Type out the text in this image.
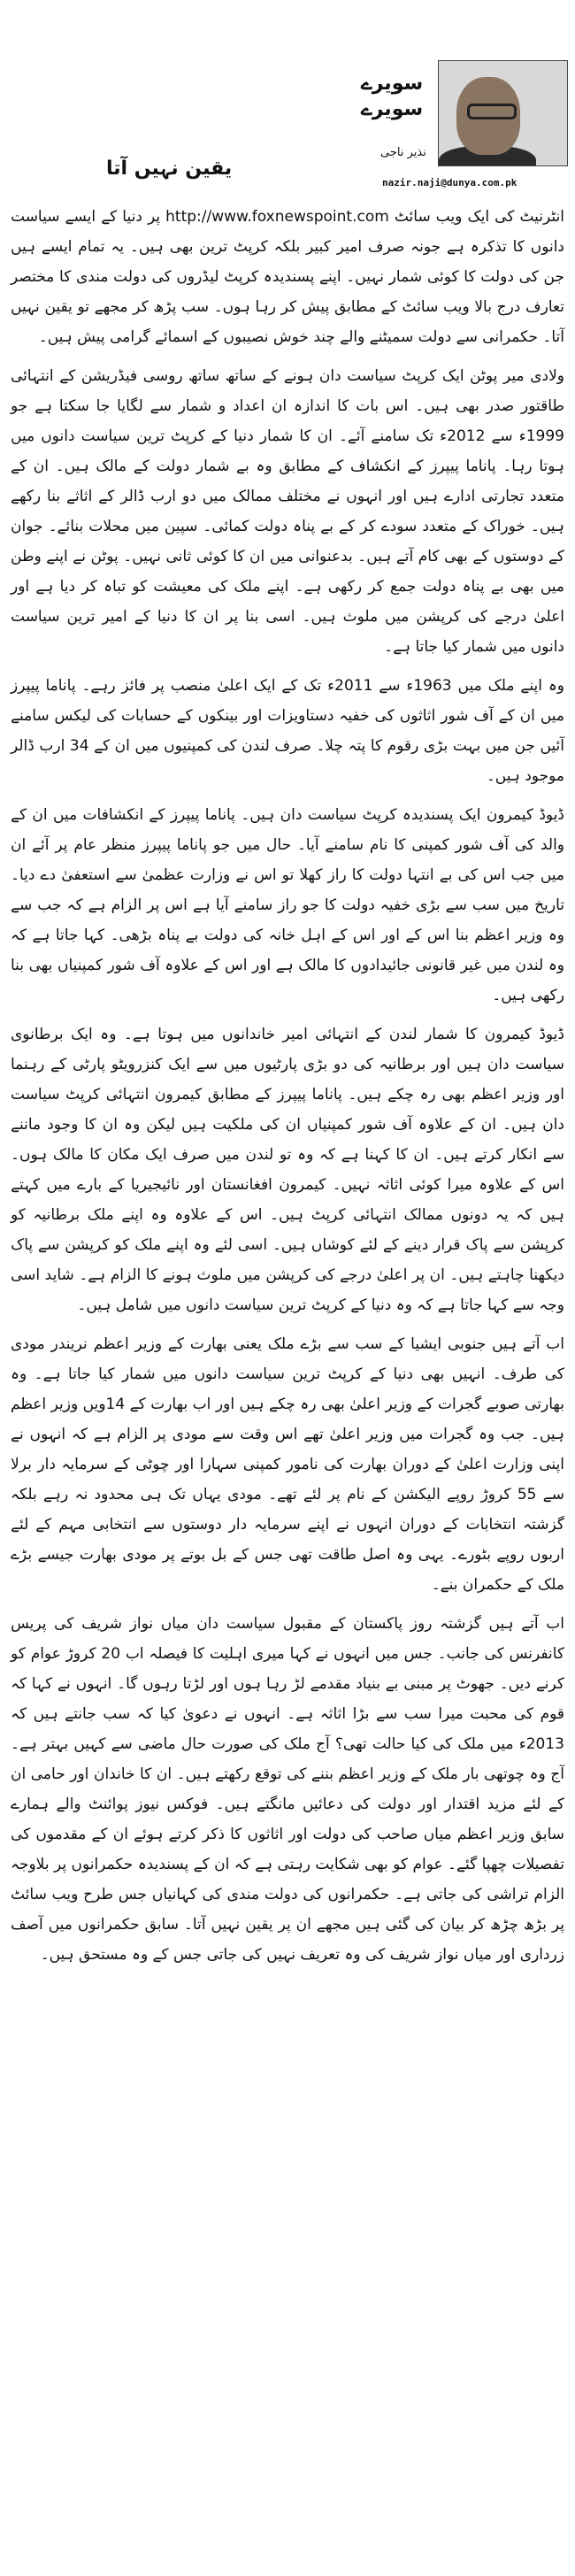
سویرے
سویرے
نذیر ناجی
nazir.naji@dunya.com.pk
یقین نہیں آتا

انٹرنیٹ کی ایک ویب سائٹ http://www.foxnewspoint.com پر دنیا کے ایسے سیاست دانوں کا تذکرہ ہے جونہ صرف امیر کبیر بلکہ کرپٹ ترین بھی ہیں۔ یہ تمام ایسے ہیں جن کی دولت کا کوئی شمار نہیں۔ اپنے پسندیدہ کرپٹ لیڈروں کی دولت مندی کا مختصر تعارف درج بالا ویب سائٹ کے مطابق پیش کر رہا ہوں۔ سب پڑھ کر مجھے تو یقین نہیں آتا۔ حکمرانی سے دولت سمیٹنے والے چند خوش نصیبوں کے اسمائے گرامی پیش ہیں۔

ولادی میر پوٹن ایک کرپٹ سیاست دان ہونے کے ساتھ ساتھ روسی فیڈریشن کے انتہائی طاقتور صدر بھی ہیں۔ اس بات کا اندازہ ان اعداد و شمار سے لگایا جا سکتا ہے جو 1999ء سے 2012ء تک سامنے آئے۔ ان کا شمار دنیا کے کرپٹ ترین سیاست دانوں میں ہوتا رہا۔ پاناما پیپرز کے انکشاف کے مطابق وہ بے شمار دولت کے مالک ہیں۔ ان کے متعدد تجارتی ادارے ہیں اور انہوں نے مختلف ممالک میں دو ارب ڈالر کے اثاثے بنا رکھے ہیں۔ خوراک کے متعدد سودے کر کے بے پناہ دولت کمائی۔ سپین میں محلات بنائے۔ جوان کے دوستوں کے بھی کام آتے ہیں۔ بدعنوانی میں ان کا کوئی ثانی نہیں۔ پوٹن نے اپنے وطن میں بھی بے پناہ دولت جمع کر رکھی ہے۔ اپنے ملک کی معیشت کو تباہ کر دیا ہے اور اعلیٰ درجے کی کرپشن میں ملوث ہیں۔ اسی بنا پر ان کا دنیا کے امیر ترین سیاست دانوں میں شمار کیا جاتا ہے۔

وہ اپنے ملک میں 1963ء سے 2011ء تک کے ایک اعلیٰ منصب پر فائز رہے۔ پاناما پیپرز میں ان کے آف شور اثاثوں کی خفیہ دستاویزات اور بینکوں کے حسابات کی لیکس سامنے آئیں جن میں بہت بڑی رقوم کا پتہ چلا۔ صرف لندن کی کمپنیوں میں ان کے 34 ارب ڈالر موجود ہیں۔

ڈیوڈ کیمرون ایک پسندیدہ کرپٹ سیاست دان ہیں۔ پاناما پیپرز کے انکشافات میں ان کے والد کی آف شور کمپنی کا نام سامنے آیا۔ حال میں جو پاناما پیپرز منظر عام پر آئے ان میں جب اس کی بے انتہا دولت کا راز کھلا تو اس نے وزارت عظمیٰ سے استعفیٰ دے دیا۔ تاریخ میں سب سے بڑی خفیہ دولت کا جو راز سامنے آیا ہے اس پر الزام ہے کہ جب سے وہ وزیر اعظم بنا اس کے اور اس کے اہل خانہ کی دولت بے پناہ بڑھی۔ کہا جاتا ہے کہ وہ لندن میں غیر قانونی جائیدادوں کا مالک ہے اور اس کے علاوہ آف شور کمپنیاں بھی بنا رکھی ہیں۔

ڈیوڈ کیمرون کا شمار لندن کے انتہائی امیر خاندانوں میں ہوتا ہے۔ وہ ایک برطانوی سیاست دان ہیں اور برطانیہ کی دو بڑی پارٹیوں میں سے ایک کنزرویٹو پارٹی کے رہنما اور وزیر اعظم بھی رہ چکے ہیں۔ پاناما پیپرز کے مطابق کیمرون انتہائی کرپٹ سیاست دان ہیں۔ ان کے علاوہ آف شور کمپنیاں ان کی ملکیت ہیں لیکن وہ ان کا وجود ماننے سے انکار کرتے ہیں۔ ان کا کہنا ہے کہ وہ تو لندن میں صرف ایک مکان کا مالک ہوں۔ اس کے علاوہ میرا کوئی اثاثہ نہیں۔ کیمرون افغانستان اور نائیجیریا کے بارے میں کہتے ہیں کہ یہ دونوں ممالک انتہائی کرپٹ ہیں۔ اس کے علاوہ وہ اپنے ملک برطانیہ کو کرپشن سے پاک قرار دینے کے لئے کوشاں ہیں۔ اسی لئے وہ اپنے ملک کو کرپشن سے پاک دیکھنا چاہتے ہیں۔ ان پر اعلیٰ درجے کی کرپشن میں ملوث ہونے کا الزام ہے۔ شاید اسی وجہ سے کہا جاتا ہے کہ وہ دنیا کے کرپٹ ترین سیاست دانوں میں شامل ہیں۔

اب آتے ہیں جنوبی ایشیا کے سب سے بڑے ملک یعنی بھارت کے وزیر اعظم نریندر مودی کی طرف۔ انہیں بھی دنیا کے کرپٹ ترین سیاست دانوں میں شمار کیا جاتا ہے۔ وہ بھارتی صوبے گجرات کے وزیر اعلیٰ بھی رہ چکے ہیں اور اب بھارت کے 14ویں وزیر اعظم ہیں۔ جب وہ گجرات میں وزیر اعلیٰ تھے اس وقت سے مودی پر الزام ہے کہ انہوں نے اپنی وزارت اعلیٰ کے دوران بھارت کی نامور کمپنی سہارا اور چوٹی کے سرمایہ دار برلا سے 55 کروڑ روپے الیکشن کے نام پر لئے تھے۔ مودی یہاں تک ہی محدود نہ رہے بلکہ گزشتہ انتخابات کے دوران انہوں نے اپنے سرمایہ دار دوستوں سے انتخابی مہم کے لئے اربوں روپے بٹورے۔ یہی وہ اصل طاقت تھی جس کے بل بوتے پر مودی بھارت جیسے بڑے ملک کے حکمران بنے۔

اب آتے ہیں گزشتہ روز پاکستان کے مقبول سیاست دان میاں نواز شریف کی پریس کانفرنس کی جانب۔ جس میں انہوں نے کہا میری اہلیت کا فیصلہ اب 20 کروڑ عوام کو کرنے دیں۔ جھوٹ پر مبنی بے بنیاد مقدمے لڑ رہا ہوں اور لڑتا رہوں گا۔ انہوں نے کہا کہ قوم کی محبت میرا سب سے بڑا اثاثہ ہے۔ انہوں نے دعویٰ کیا کہ سب جانتے ہیں کہ 2013ء میں ملک کی کیا حالت تھی؟ آج ملک کی صورت حال ماضی سے کہیں بہتر ہے۔ آج وہ چوتھی بار ملک کے وزیر اعظم بننے کی توقع رکھتے ہیں۔ ان کا خاندان اور حامی ان کے لئے مزید اقتدار اور دولت کی دعائیں مانگتے ہیں۔ فوکس نیوز پوائنٹ والے ہمارے سابق وزیر اعظم میاں صاحب کی دولت اور اثاثوں کا ذکر کرتے ہوئے ان کے مقدموں کی تفصیلات چھپا گئے۔ عوام کو بھی شکایت رہتی ہے کہ ان کے پسندیدہ حکمرانوں پر بلاوجہ الزام تراشی کی جاتی ہے۔ حکمرانوں کی دولت مندی کی کہانیاں جس طرح ویب سائٹ پر بڑھ چڑھ کر بیان کی گئی ہیں مجھے ان پر یقین نہیں آتا۔ سابق حکمرانوں میں آصف زرداری اور میاں نواز شریف کی وہ تعریف نہیں کی جاتی جس کے وہ مستحق ہیں۔
